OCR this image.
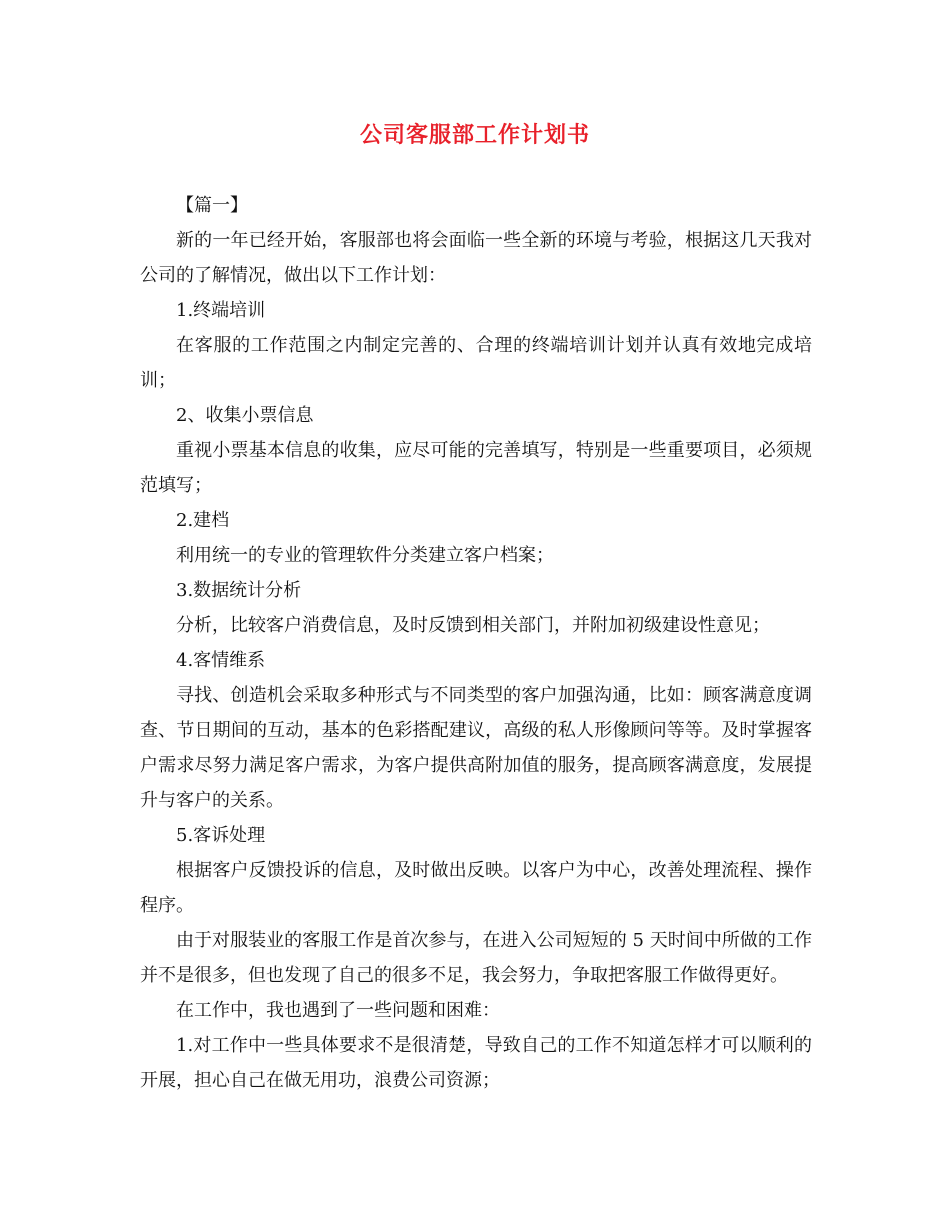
公司客服部工作计划书

【篇一】

新的一年已经开始，客服部也将会面临一些全新的环境与考验，根据这几天我对公司的了解情况，做出以下工作计划：

1.终端培训

在客服的工作范围之内制定完善的、合理的终端培训计划并认真有效地完成培训；

2、收集小票信息

重视小票基本信息的收集，应尽可能的完善填写，特别是一些重要项目，必须规范填写；

2.建档

利用统一的专业的管理软件分类建立客户档案；

3.数据统计分析

分析，比较客户消费信息，及时反馈到相关部门，并附加初级建设性意见；

4.客情维系

寻找、创造机会采取多种形式与不同类型的客户加强沟通，比如：顾客满意度调查、节日期间的互动，基本的色彩搭配建议，高级的私人形像顾问等等。及时掌握客户需求尽努力满足客户需求，为客户提供高附加值的服务，提高顾客满意度，发展提升与客户的关系。

5.客诉处理

根据客户反馈投诉的信息，及时做出反映。以客户为中心，改善处理流程、操作程序。

由于对服装业的客服工作是首次参与，在进入公司短短的 5 天时间中所做的工作并不是很多，但也发现了自己的很多不足，我会努力，争取把客服工作做得更好。

在工作中，我也遇到了一些问题和困难：

1.对工作中一些具体要求不是很清楚，导致自己的工作不知道怎样才可以顺利的开展，担心自己在做无用功，浪费公司资源；
